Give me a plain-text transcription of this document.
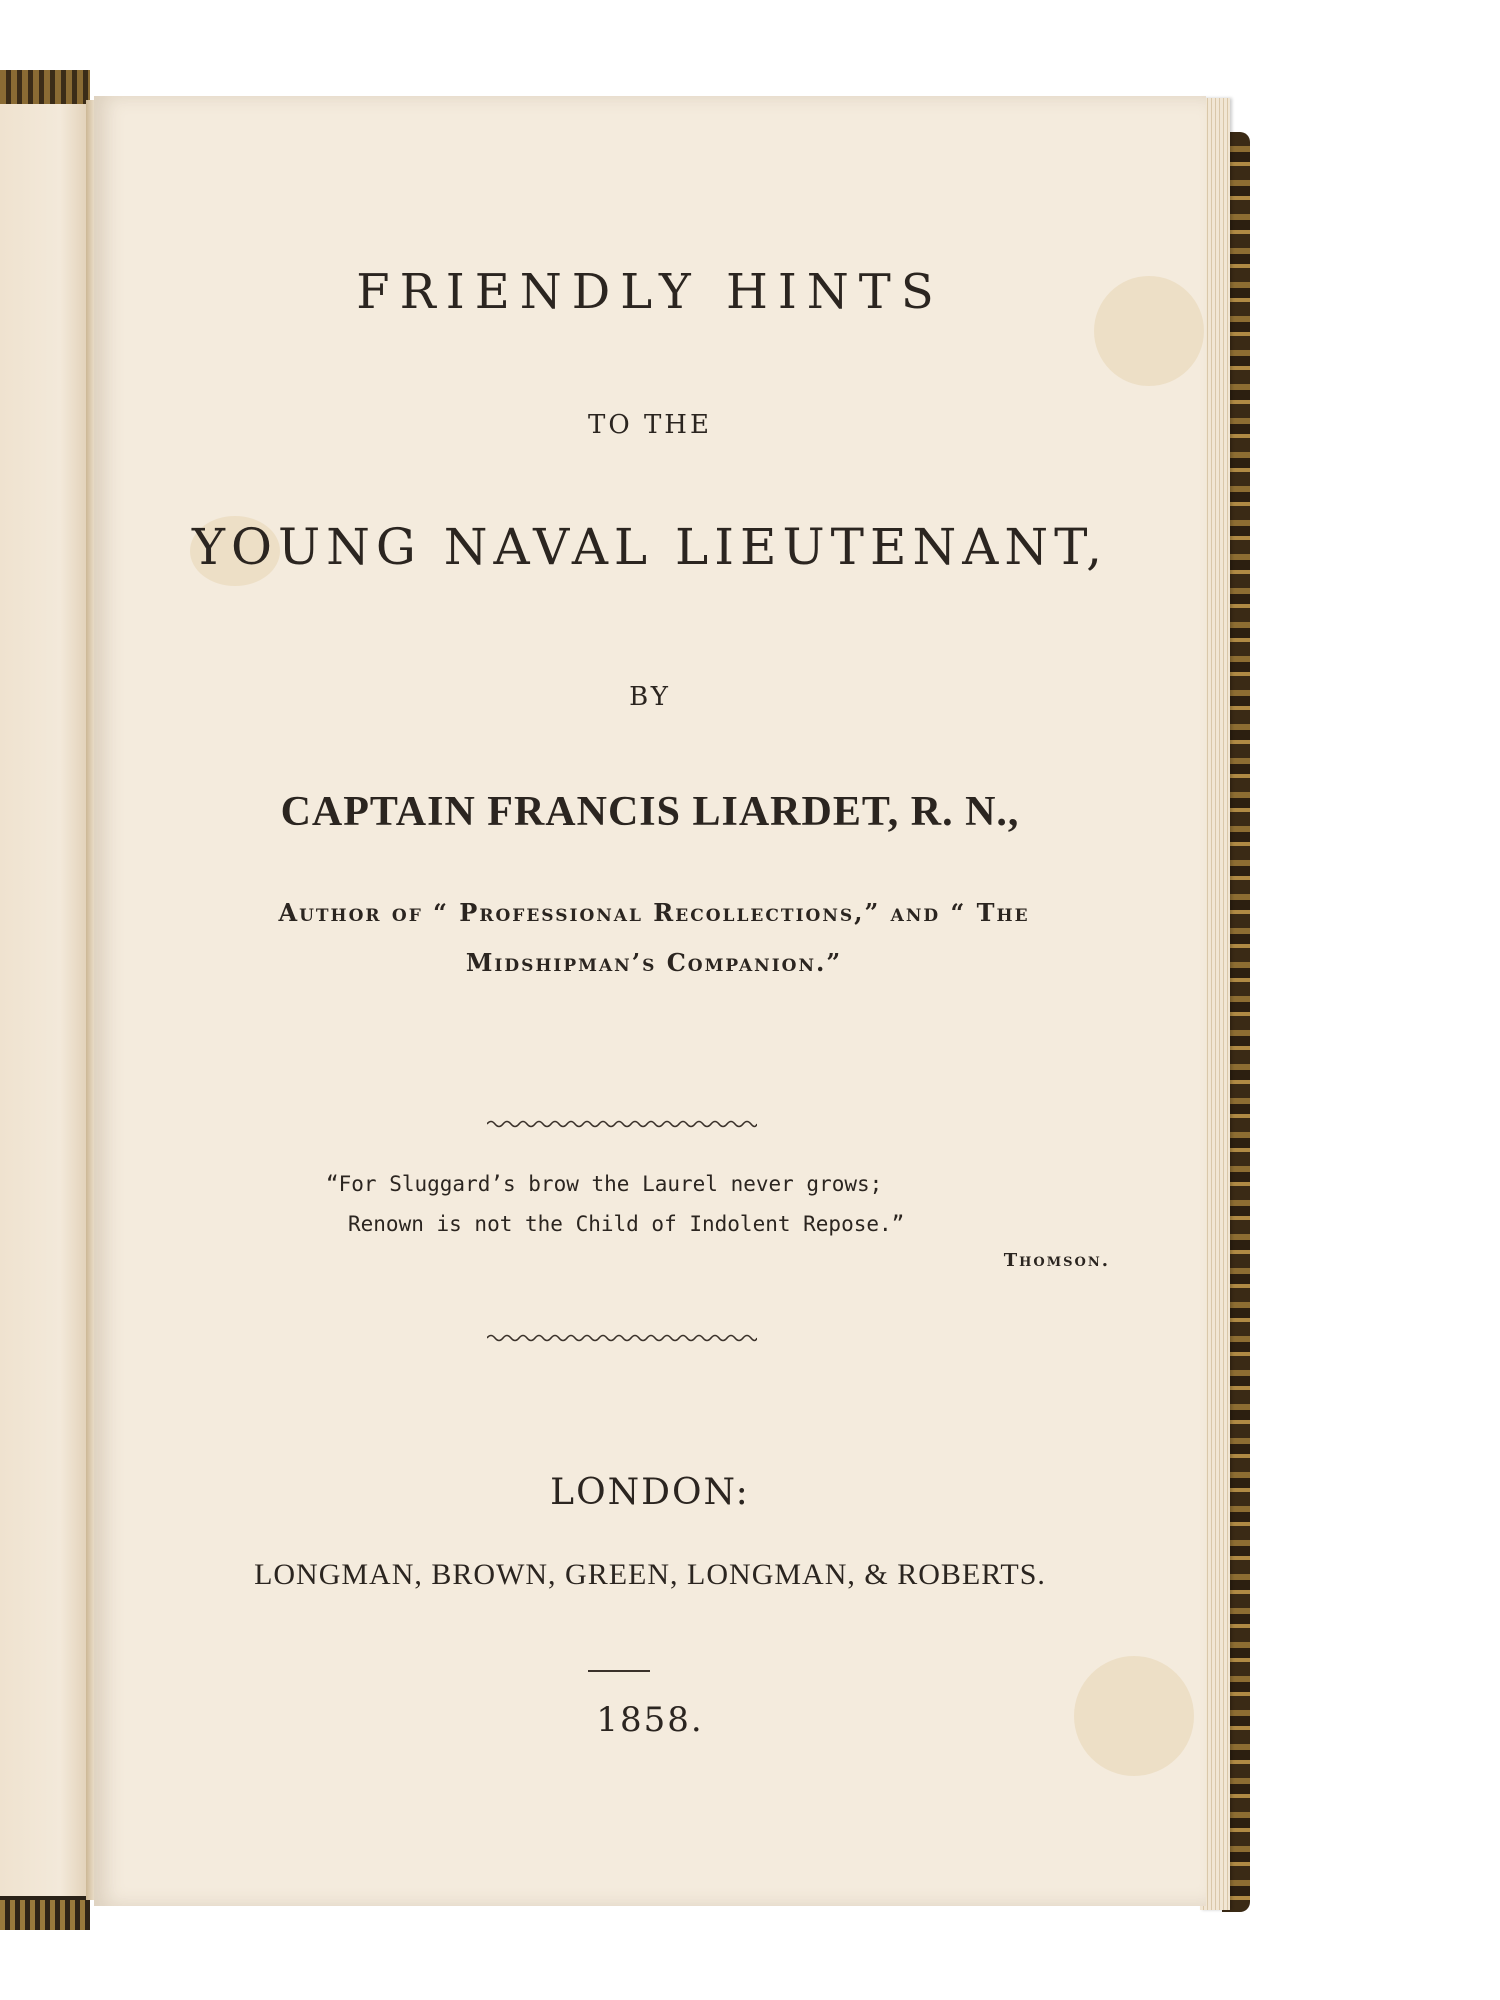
FRIENDLY HINTS
TO THE
YOUNG NAVAL LIEUTENANT,
BY
CAPTAIN FRANCIS LIARDET, R. N.,
Author of “ Professional Recollections,” and “ The Midshipman’s Companion.”
“For Sluggard’s brow the Laurel never grows;
Renown is not the Child of Indolent Repose.”
Thomson.
LONDON:
LONGMAN, BROWN, GREEN, LONGMAN, & ROBERTS.
1858.
